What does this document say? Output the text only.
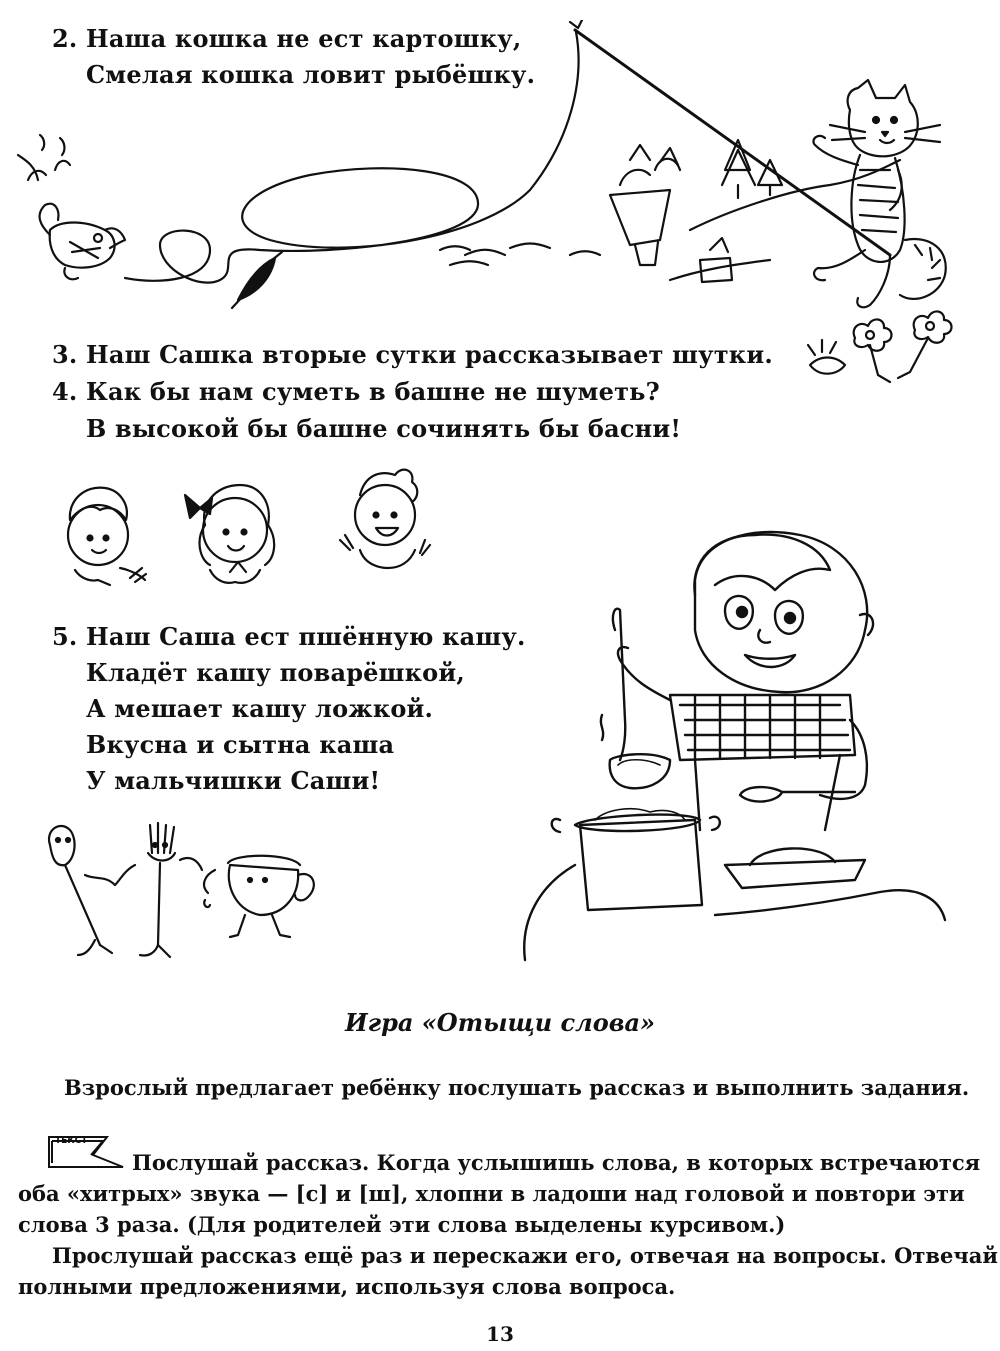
2. Наша кошка не ест картошку,
Смелая кошка ловит рыбёшку.
3. Наш Сашка вторые сутки рассказывает шутки.
4. Как бы нам суметь в башне не шуметь?
В высокой бы башне сочинять бы басни!
5. Наш Саша ест пшённую кашу.
Кладёт кашу поварёшкой,
А мешает кашу ложкой.
Вкусна и сытна каша
У мальчишки Саши!
Игра «Отыщи слова»
Взрослый предлагает ребёнку послушать рассказ и выполнить задания.
ТЕКСТ
Послушай рассказ. Когда услышишь слова, в которых встречаются
оба «хитрых» звука — [с] и [ш], хлопни в ладоши над головой и повтори эти
слова 3 раза. (Для родителей эти слова выделены курсивом.)
Прослушай рассказ ещё раз и перескажи его, отвечая на вопросы. Отвечай
полными предложениями, используя слова вопроса.
13
